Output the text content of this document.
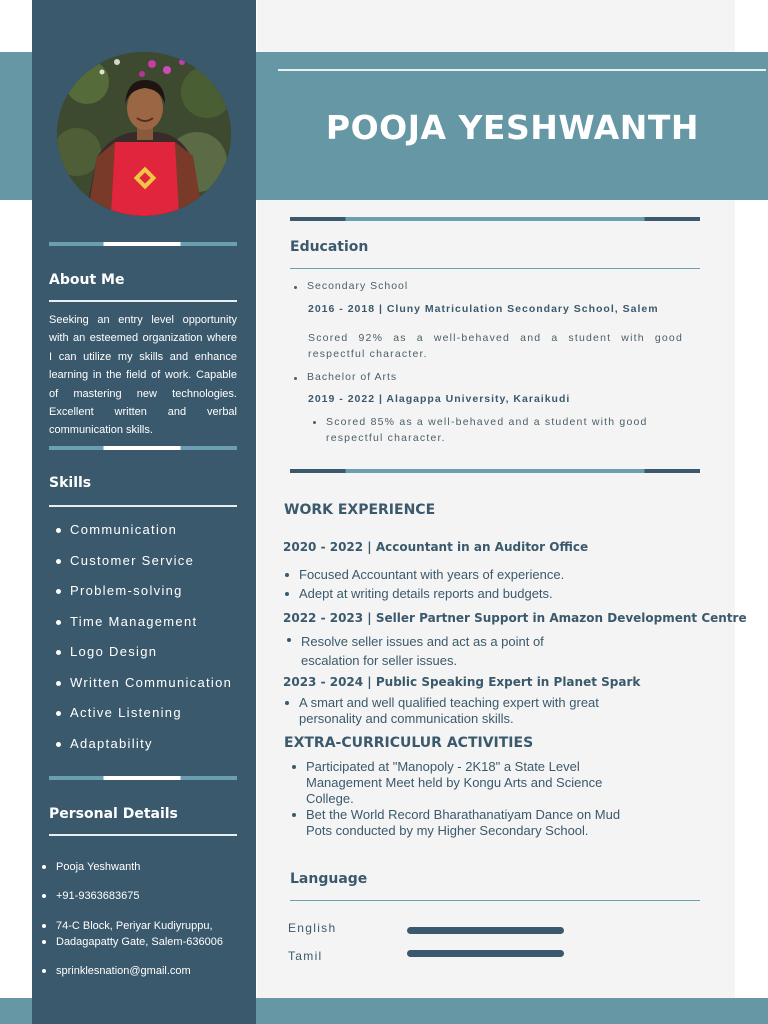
POOJA YESHWANTH
About Me
Seeking an entry level opportunity with an esteemed organization where I can utilize my skills and enhance learning in the field of work. Capable of mastering new technologies. Excellent written and verbal communication skills.
Skills
Communication
Customer Service
Problem-solving
Time Management
Logo Design
Written Communication
Active Listening
Adaptability
Personal Details
Pooja Yeshwanth
+91-9363683675
74-C Block, Periyar Kudiyruppu,
Dadagapatty Gate, Salem-636006
sprinklesnation@gmail.com
Education
Secondary School
2016 - 2018 | Cluny Matriculation Secondary School, Salem
Scored 92% as a well-behaved and a student with good respectful character.
Bachelor of Arts
2019 - 2022 | Alagappa University, Karaikudi
Scored 85% as a well-behaved and a student with good respectful character.
WORK EXPERIENCE
2020 - 2022 | Accountant in an Auditor Office
Focused Accountant with years of experience.
Adept at writing details reports and budgets.
2022 - 2023 | Seller Partner Support in Amazon Development Centre
Resolve seller issues and act as a point of escalation for seller issues.
2023 - 2024 | Public Speaking Expert in Planet Spark
A smart and well qualified teaching expert with great personality and communication skills.
EXTRA-CURRICULUR ACTIVITIES
Participated at "Manopoly - 2K18" a State Level Management Meet held by Kongu Arts and Science College.
Bet the World Record Bharathanatiyam Dance on Mud Pots conducted by my Higher Secondary School.
Language
English
Tamil
